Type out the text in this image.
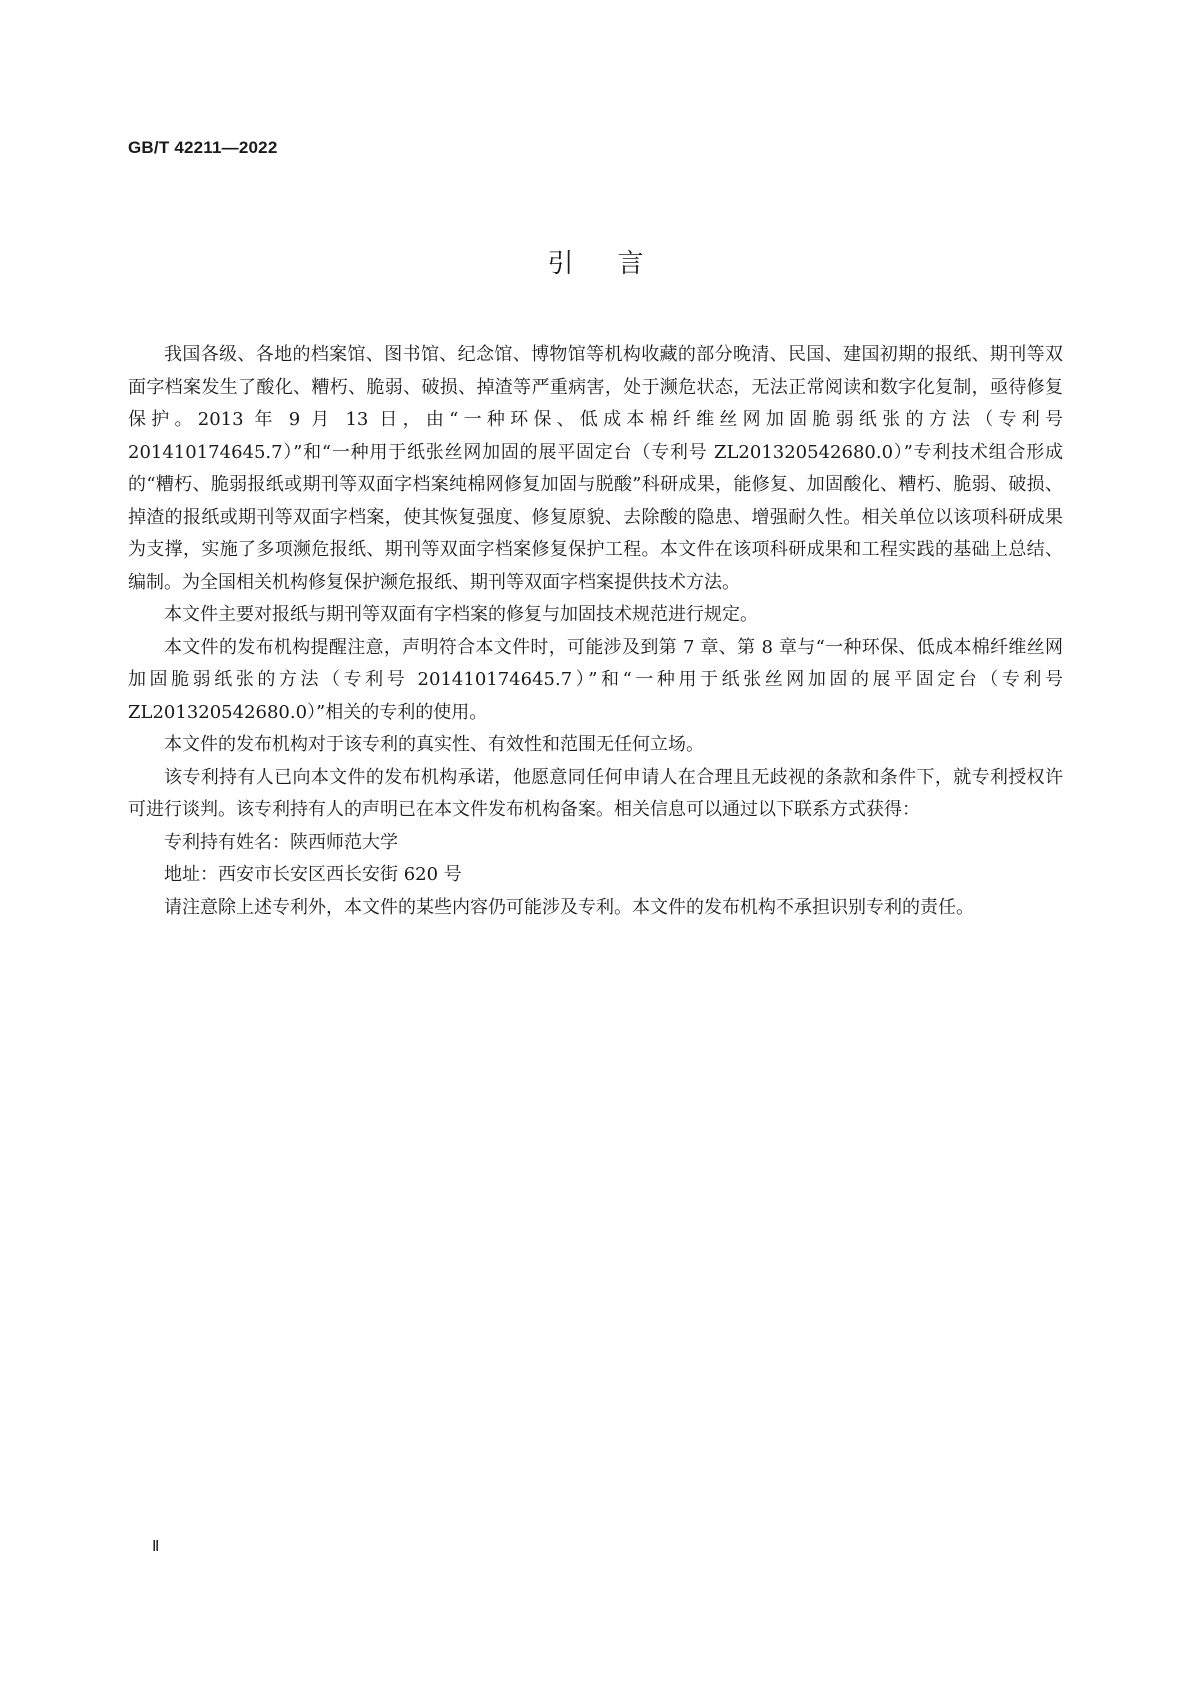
GB/T 42211—2022
引言

我国各级、各地的档案馆、图书馆、纪念馆、博物馆等机构收藏的部分晚清、民国、建国初期的报纸、期刊等双面字档案发生了酸化、糟朽、脆弱、破损、掉渣等严重病害，处于濒危状态，无法正常阅读和数字化复制，亟待修复保护。2013 年 9 月 13 日，由“一种环保、低成本棉纤维丝网加固脆弱纸张的方法（专利号 201410174645.7）”和“一种用于纸张丝网加固的展平固定台（专利号 ZL201320542680.0）”专利技术组合形成的“糟朽、脆弱报纸或期刊等双面字档案纯棉网修复加固与脱酸”科研成果，能修复、加固酸化、糟朽、脆弱、破损、掉渣的报纸或期刊等双面字档案，使其恢复强度、修复原貌、去除酸的隐患、增强耐久性。相关单位以该项科研成果为支撑，实施了多项濒危报纸、期刊等双面字档案修复保护工程。本文件在该项科研成果和工程实践的基础上总结、编制。为全国相关机构修复保护濒危报纸、期刊等双面字档案提供技术方法。

本文件主要对报纸与期刊等双面有字档案的修复与加固技术规范进行规定。

本文件的发布机构提醒注意，声明符合本文件时，可能涉及到第 7 章、第 8 章与“一种环保、低成本棉纤维丝网加固脆弱纸张的方法（专利号 201410174645.7）”和“一种用于纸张丝网加固的展平固定台（专利号 ZL201320542680.0）”相关的专利的使用。

本文件的发布机构对于该专利的真实性、有效性和范围无任何立场。

该专利持有人已向本文件的发布机构承诺，他愿意同任何申请人在合理且无歧视的条款和条件下，就专利授权许可进行谈判。该专利持有人的声明已在本文件发布机构备案。相关信息可以通过以下联系方式获得：

专利持有姓名：陕西师范大学

地址：西安市长安区西长安街 620 号

请注意除上述专利外，本文件的某些内容仍可能涉及专利。本文件的发布机构不承担识别专利的责任。

Ⅱ
